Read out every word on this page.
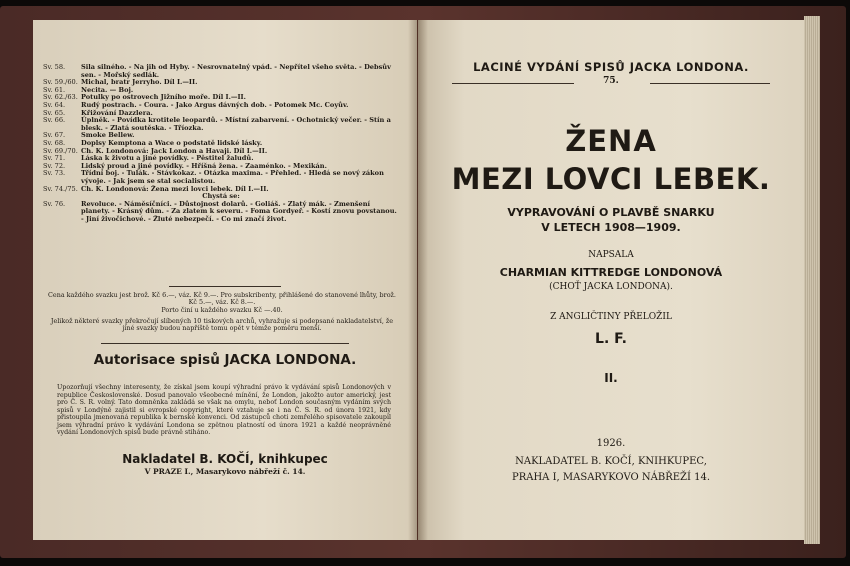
Sv. 58.	Sila silného. - Na jih od Hyby. - Nesrovnatelný vpád. - Nepřítel všeho světa. - Debsův sen. - Mořský sedlák.
Sv. 59./60. Michal, bratr Jerryho. Díl I.—II.
Sv. 61.	Necita. — Boj.
Sv. 62./63. Potulky po ostrovech Jižního moře. Díl I.—II.
Sv. 64.	Rudý postrach. - Coura. - Jako Argus dávných dob. - Potomek Mc. Coyův.
Sv. 65.	Křižování Dazzlera.
Sv. 66.	Úplněk. - Povídka krotitele leopardů. - Místní zabarvení. - Ochotnický večer. - Stín a blesk. - Zlatá soutěska. - Tříozka.
Sv. 67.	Smoke Bellew.
Sv. 68.	Doplsy Kemptona a Wace o podstatě lidské lásky.
Sv. 69./70. Ch. K. Londonová: Jack London a Havaji. Díl I.—II.
Sv. 71.	Láska k životu a jiné povídky. - Pěstitel žaludů.
Sv. 72.	Lidský proud a jiné povídky. - Hříšná žena. - Zaaménko. - Mexikán.
Sv. 73.	Třídní boj. - Tulák. - Stávkokaz. - Otázka maxima. - Přehled. - Hledá se nový zákon vývoje. - Jak jsem se stal socialistou.
Sv. 74./75. Ch. K. Londonová: Žena mezi lovci lebek. Díl I.—II.
Chystá se:
Sv. 76.	Revoluce. - Náměsíčníci. - Důstojnost dolarů. - Goliáš. - Zlatý mák. - Zmenšení planety. - Krásný dům. - Za zlatem k severu. - Foma Gordyeř. - Kostí znovu povstanou. - Jiní živočichové. - Žluté nebezpečí. - Co mi značí život.
Cena každého svazku jest brož. Kč 6.—, váz. Kč 9.—. Pro subskribenty, přihlášené do stanovené lhůty, brož. Kč 5.—, váz. Kč 8.—.
Porto činí u každého svazku Kč —.40.
Jelikož některé svazky překročují slíbených 10 tiskových archů, vyhražuje si podepsané nakladatelství, že jiné svazky budou napříště tomu opět v témže poměru menší.
Autorisace spisů JACKA LONDONA.
Upozorňují všechny interesenty, že získal jsem koupí výhradní právo k vydávání spisů Londonových v republice Československé. Dosud panovalo všeobecné mínění, že London, jakožto autor americký, jest pro Č. S. R. volný. Tato domněnka zakládá se však na omylu, neboť London současným vydáním svých spisů v Londýně zajistil si evropské copyright, které vztahuje se i na Č. S. R. od února 1921, kdy přistoupila jmenovaná republika k bernské konvenci. Od zástupců choti zemřelého spisovatele zakoupil jsem výhradní právo k vydávání Londona se zpětnou platností od února 1921 a každé neoprávněné vydání Londonových spisů bude právně stiháno.
Nakladatel B. KOČÍ, knihkupec
V PRAZE I., Masarykovo nábřeží č. 14.
LACINÉ VYDÁNÍ SPISŮ JACKA LONDONA.
75.
ŽENA
MEZI LOVCI LEBEK.
VYPRAVOVÁNÍ O PLAVBĚ SNARKU
V LETECH 1908—1909.
NAPSALA
CHARMIAN KITTREDGE LONDONOVÁ
(CHOŤ JACKA LONDONA).
Z ANGLIČTINY PŘELOŽIL
L. F.
II.
1926.
NAKLADATEL B. KOČÍ, KNIHKUPEC,
PRAHA I, MASARYKOVO NÁBŘEŽÍ 14.
